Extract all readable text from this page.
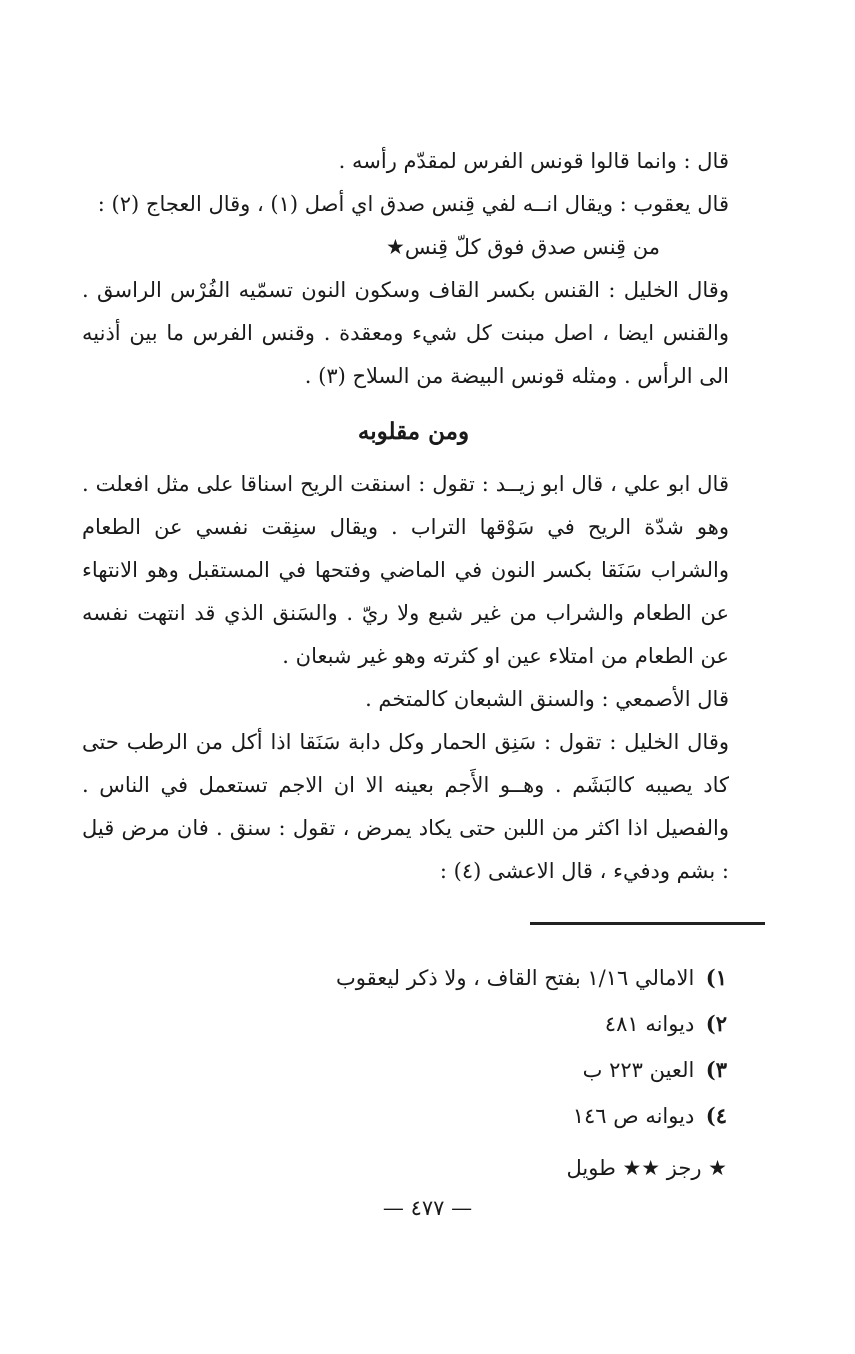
قال : وانما قالوا قونس الفرس لمقدّم رأسه .

قال يعقوب : ويقال انــه لفي قِنس صدق اي أصل (١) ، وقال العجاج (٢) :

من قِنس صدق فوق كلّ قِنس★

وقال الخليل : القنس بكسر القاف وسكون النون تسمّيه الفُرْس الراسق . والقنس ايضا ، اصل مبنت كل شيء ومعقدة . وقنس الفرس ما بين أذنيه الى الرأس . ومثله قونس البيضة من السلاح (٣) .

ومن مقلوبه

قال ابو علي ، قال ابو زيــد : تقول : اسنقت الريح اسناقا على مثل افعلت . وهو شدّة الريح في سَوْقها التراب . ويقال سنِقت نفسي عن الطعام والشراب سَنَقا بكسر النون في الماضي وفتحها في المستقبل وهو الانتهاء عن الطعام والشراب من غير شبع ولا ريّ . والسَنق الذي قد انتهت نفسه عن الطعام من امتلاء عين او كثرته وهو غير شبعان .

قال الأصمعي : والسنق الشبعان كالمتخم .

وقال الخليل : تقول : سَنِق الحمار وكل دابة سَنَقا اذا أكل من الرطب حتى كاد يصيبه كالبَشَم . وهــو الأَجم بعينه الا ان الاجم تستعمل في الناس . والفصيل اذا اكثر من اللبن حتى يكاد يمرض ، تقول : سنق . فان مرض قيل : بشم ودفيء ، قال الاعشى (٤) :

١) الامالي ١/١٦ بفتح القاف ، ولا ذكر ليعقوب

٢) ديوانه ٤٨١

٣) العين ٢٢٣ ب

٤) ديوانه ص ١٤٦

★ رجز ★★ طويل

— ٤٧٧ —
